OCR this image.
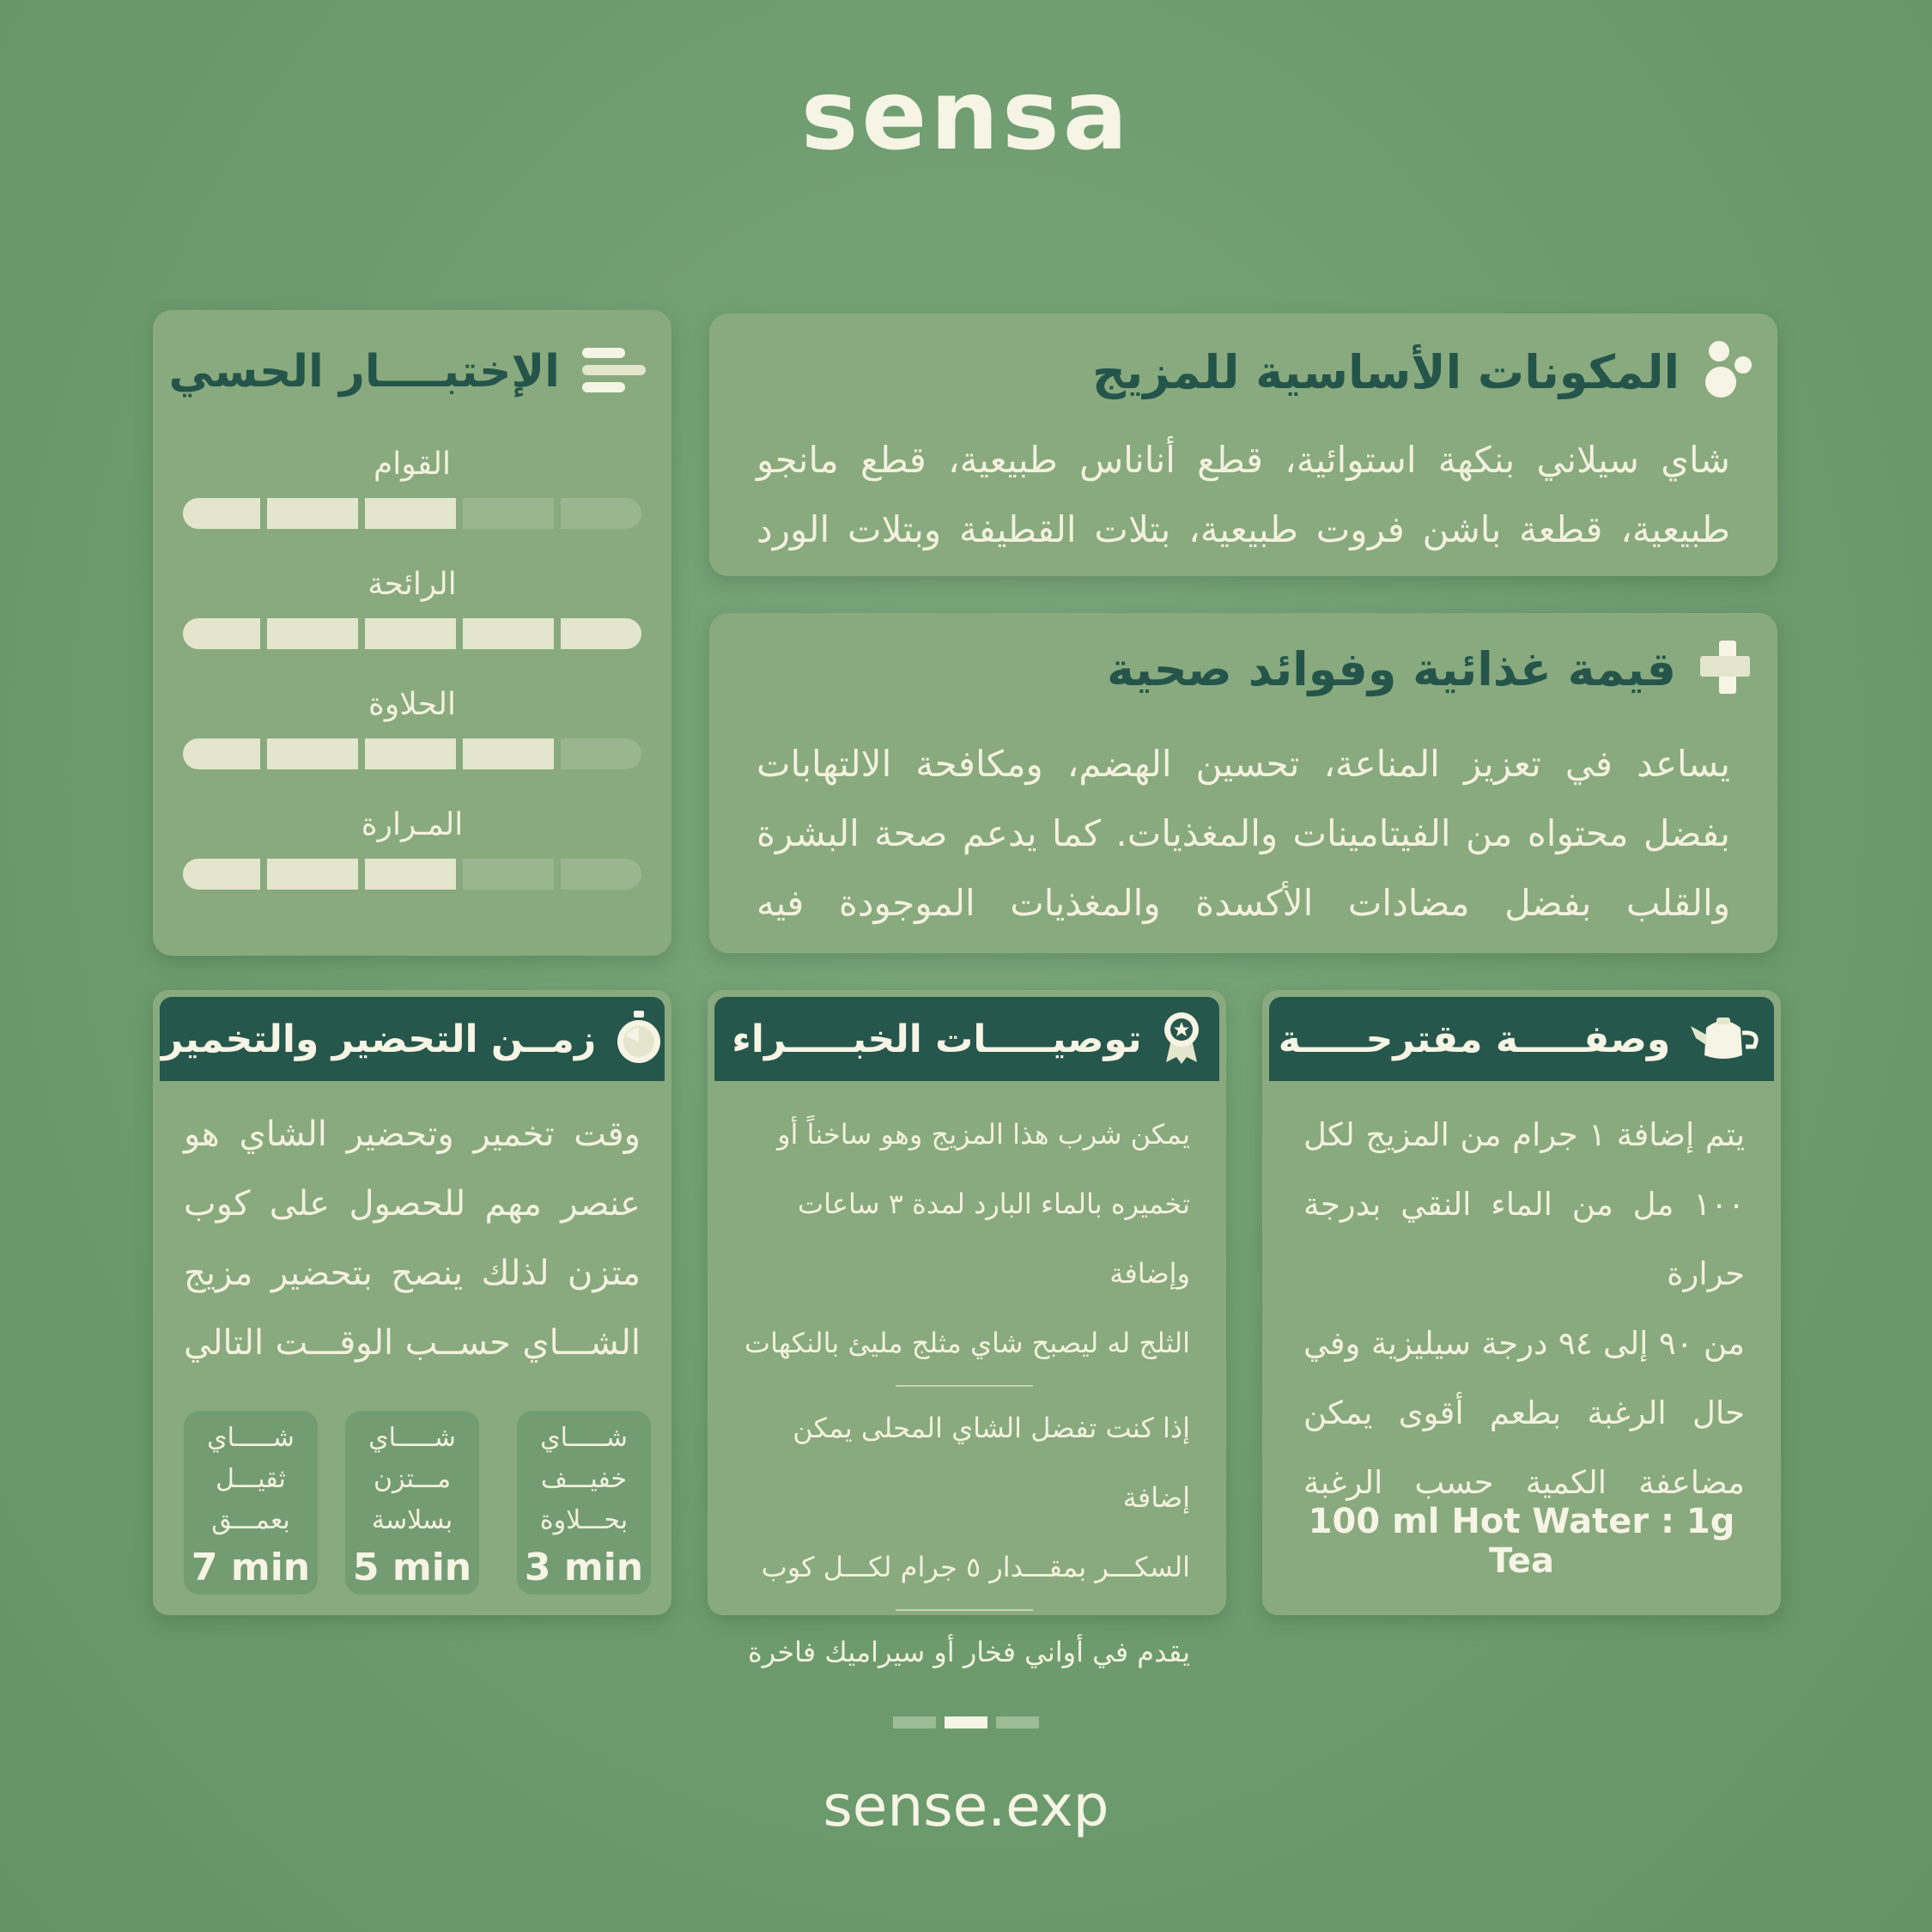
sensa
المكونات الأساسية للمزيج
شاي سيلاني بنكهة استوائية، قطع أناناس طبيعية، قطع مانجو طبيعية، قطعة باشن فروت طبيعية، بتلات القطيفة وبتلات الورد
قيمة غذائية وفوائد صحية
يساعد في تعزيز المناعة، تحسين الهضم، ومكافحة الالتهابات بفضل محتواه من الفيتامينات والمغذيات. كما يدعم صحة البشرة والقلب بفضل مضادات الأكسدة والمغذيات الموجودة فيه
الإختبــــار الحسي
القوام
الرائحة
الحلاوة
المـرارة
وصفـــــة مقترحـــــة
يتم إضافة ١ جرام من المزيج لكل
١٠٠ مل من الماء النقي بدرجة حرارة
من ٩٠ إلى ٩٤ درجة سيليزية وفي
حال الرغبة بطعم أقوى يمكن
مضاعفة الكمية حسب الرغبة
100 ml Hot Water : 1g Tea
توصيـــــات الخبـــــراء
يمكن شرب هذا المزيج وهو ساخناً أو
تخميره بالماء البارد لمدة ٣ ساعات وإضافة
الثلج له ليصبح شاي مثلج مليئ بالنكهات
إذا كنت تفضل الشاي المحلى يمكن إضافة
السكـــر بمقـــدار ٥ جرام لكـــل كوب
يقدم في أواني فخار أو سيراميك فاخرة
زمــن التحضير والتخمير
وقت تخمير وتحضير الشاي هو
عنصر مهم للحصول على كوب
متزن لذلك ينصح بتحضير مزيج
الشـــاي حســب الوقـــت التالي
شـــــاي
خفيـــف
بحـــلاوة
3 min
شـــــاي
مـــتزن
بسلاسة
5 min
شـــــاي
ثقيـــل
بعمـــق
7 min
sense.exp
